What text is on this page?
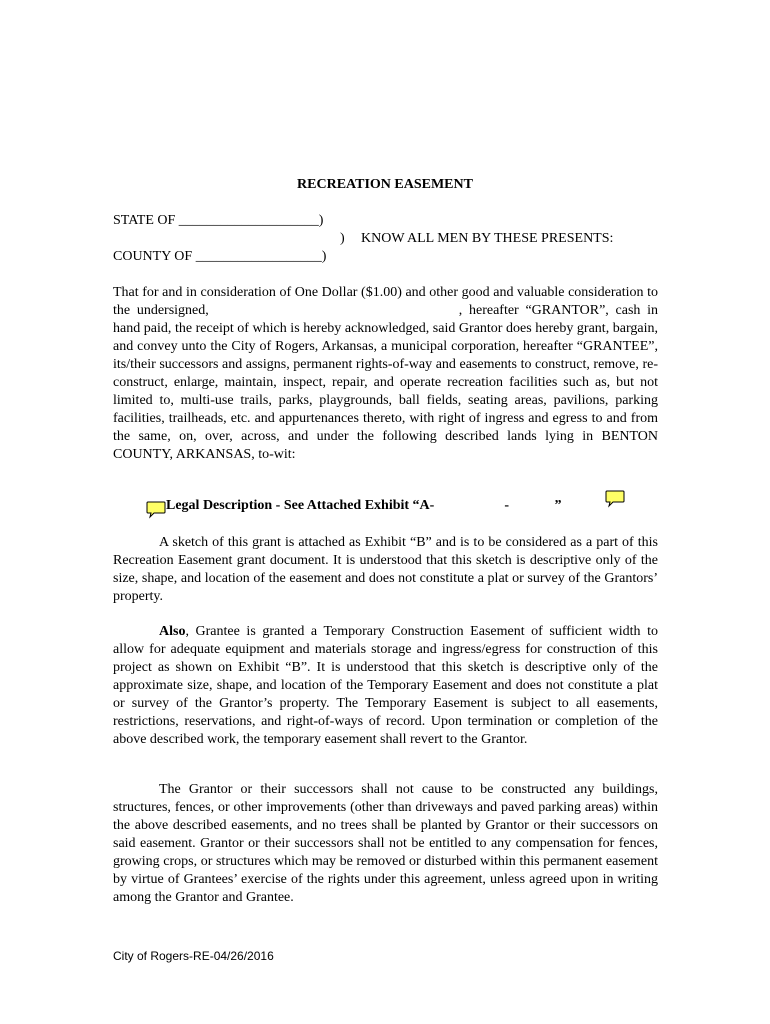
RECREATION EASEMENT
STATE OF ____________________)

)

KNOW ALL MEN BY THESE PRESENTS:

COUNTY OF __________________)

That for and in consideration of One Dollar ($1.00) and other good and valuable consideration to the undersigned,	, hereafter “GRANTOR”, cash in hand paid, the receipt of which is hereby acknowledged, said Grantor does hereby grant, bargain, and convey unto the City of Rogers, Arkansas, a municipal corporation, hereafter “GRANTEE”, its/their successors and assigns, permanent rights-of-way and easements to construct, remove, re-construct, enlarge, maintain, inspect, repair, and operate recreation facilities such as, but not limited to, multi-use trails, parks, playgrounds, ball fields, seating areas, pavilions, parking facilities, trailheads, etc. and appurtenances thereto, with right of ingress and egress to and from the same, on, over, across, and under the following described lands lying in BENTON COUNTY, ARKANSAS, to-wit:

Legal Description - See Attached Exhibit “A-                    -             ”

A sketch of this grant is attached as Exhibit “B” and is to be considered as a part of this Recreation Easement grant document. It is understood that this sketch is descriptive only of the size, shape, and location of the easement and does not constitute a plat or survey of the Grantors’ property.

Also, Grantee is granted a Temporary Construction Easement of sufficient width to allow for adequate equipment and materials storage and ingress/egress for construction of this project as shown on Exhibit “B”. It is understood that this sketch is descriptive only of the approximate size, shape, and location of the Temporary Easement and does not constitute a plat or survey of the Grantor’s property. The Temporary Easement is subject to all easements, restrictions, reservations, and right-of-ways of record. Upon termination or completion of the above described work, the temporary easement shall revert to the Grantor.

The Grantor or their successors shall not cause to be constructed any buildings, structures, fences, or other improvements (other than driveways and paved parking areas) within the above described easements, and no trees shall be planted by Grantor or their successors on said easement. Grantor or their successors shall not be entitled to any compensation for fences, growing crops, or structures which may be removed or disturbed within this permanent easement by virtue of Grantees’ exercise of the rights under this agreement, unless agreed upon in writing among the Grantor and Grantee.

City of Rogers-RE-04/26/2016
